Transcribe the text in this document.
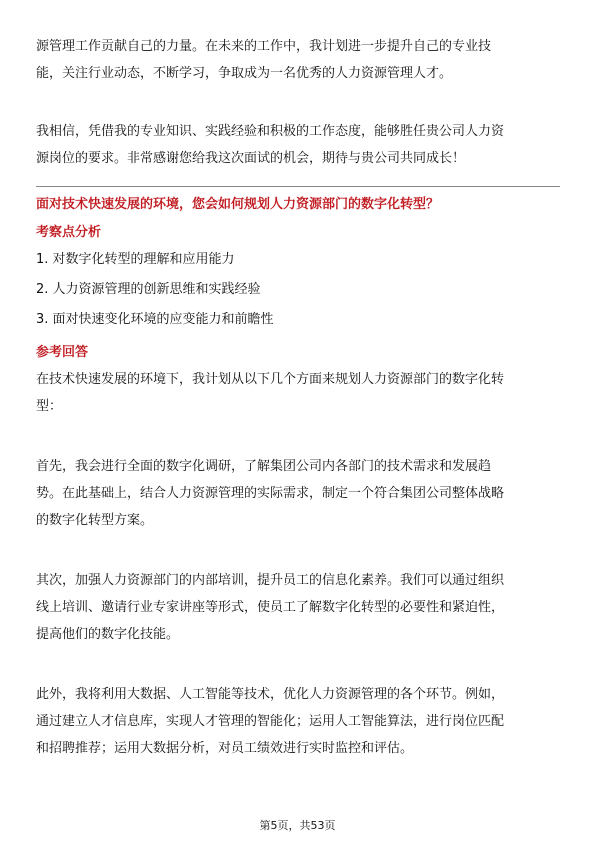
源管理工作贡献自己的力量。在未来的工作中，我计划进一步提升自己的专业技
能，关注行业动态，不断学习，争取成为一名优秀的人力资源管理人才。
我相信，凭借我的专业知识、实践经验和积极的工作态度，能够胜任贵公司人力资
源岗位的要求。非常感谢您给我这次面试的机会，期待与贵公司共同成长！
面对技术快速发展的环境，您会如何规划人力资源部门的数字化转型？
考察点分析
1. 对数字化转型的理解和应用能力
2. 人力资源管理的创新思维和实践经验
3. 面对快速变化环境的应变能力和前瞻性
参考回答
在技术快速发展的环境下，我计划从以下几个方面来规划人力资源部门的数字化转
型：
首先，我会进行全面的数字化调研，了解集团公司内各部门的技术需求和发展趋
势。在此基础上，结合人力资源管理的实际需求，制定一个符合集团公司整体战略
的数字化转型方案。
其次，加强人力资源部门的内部培训，提升员工的信息化素养。我们可以通过组织
线上培训、邀请行业专家讲座等形式，使员工了解数字化转型的必要性和紧迫性，
提高他们的数字化技能。
此外，我将利用大数据、人工智能等技术，优化人力资源管理的各个环节。例如，
通过建立人才信息库，实现人才管理的智能化；运用人工智能算法，进行岗位匹配
和招聘推荐；运用大数据分析，对员工绩效进行实时监控和评估。
第5页，共53页
